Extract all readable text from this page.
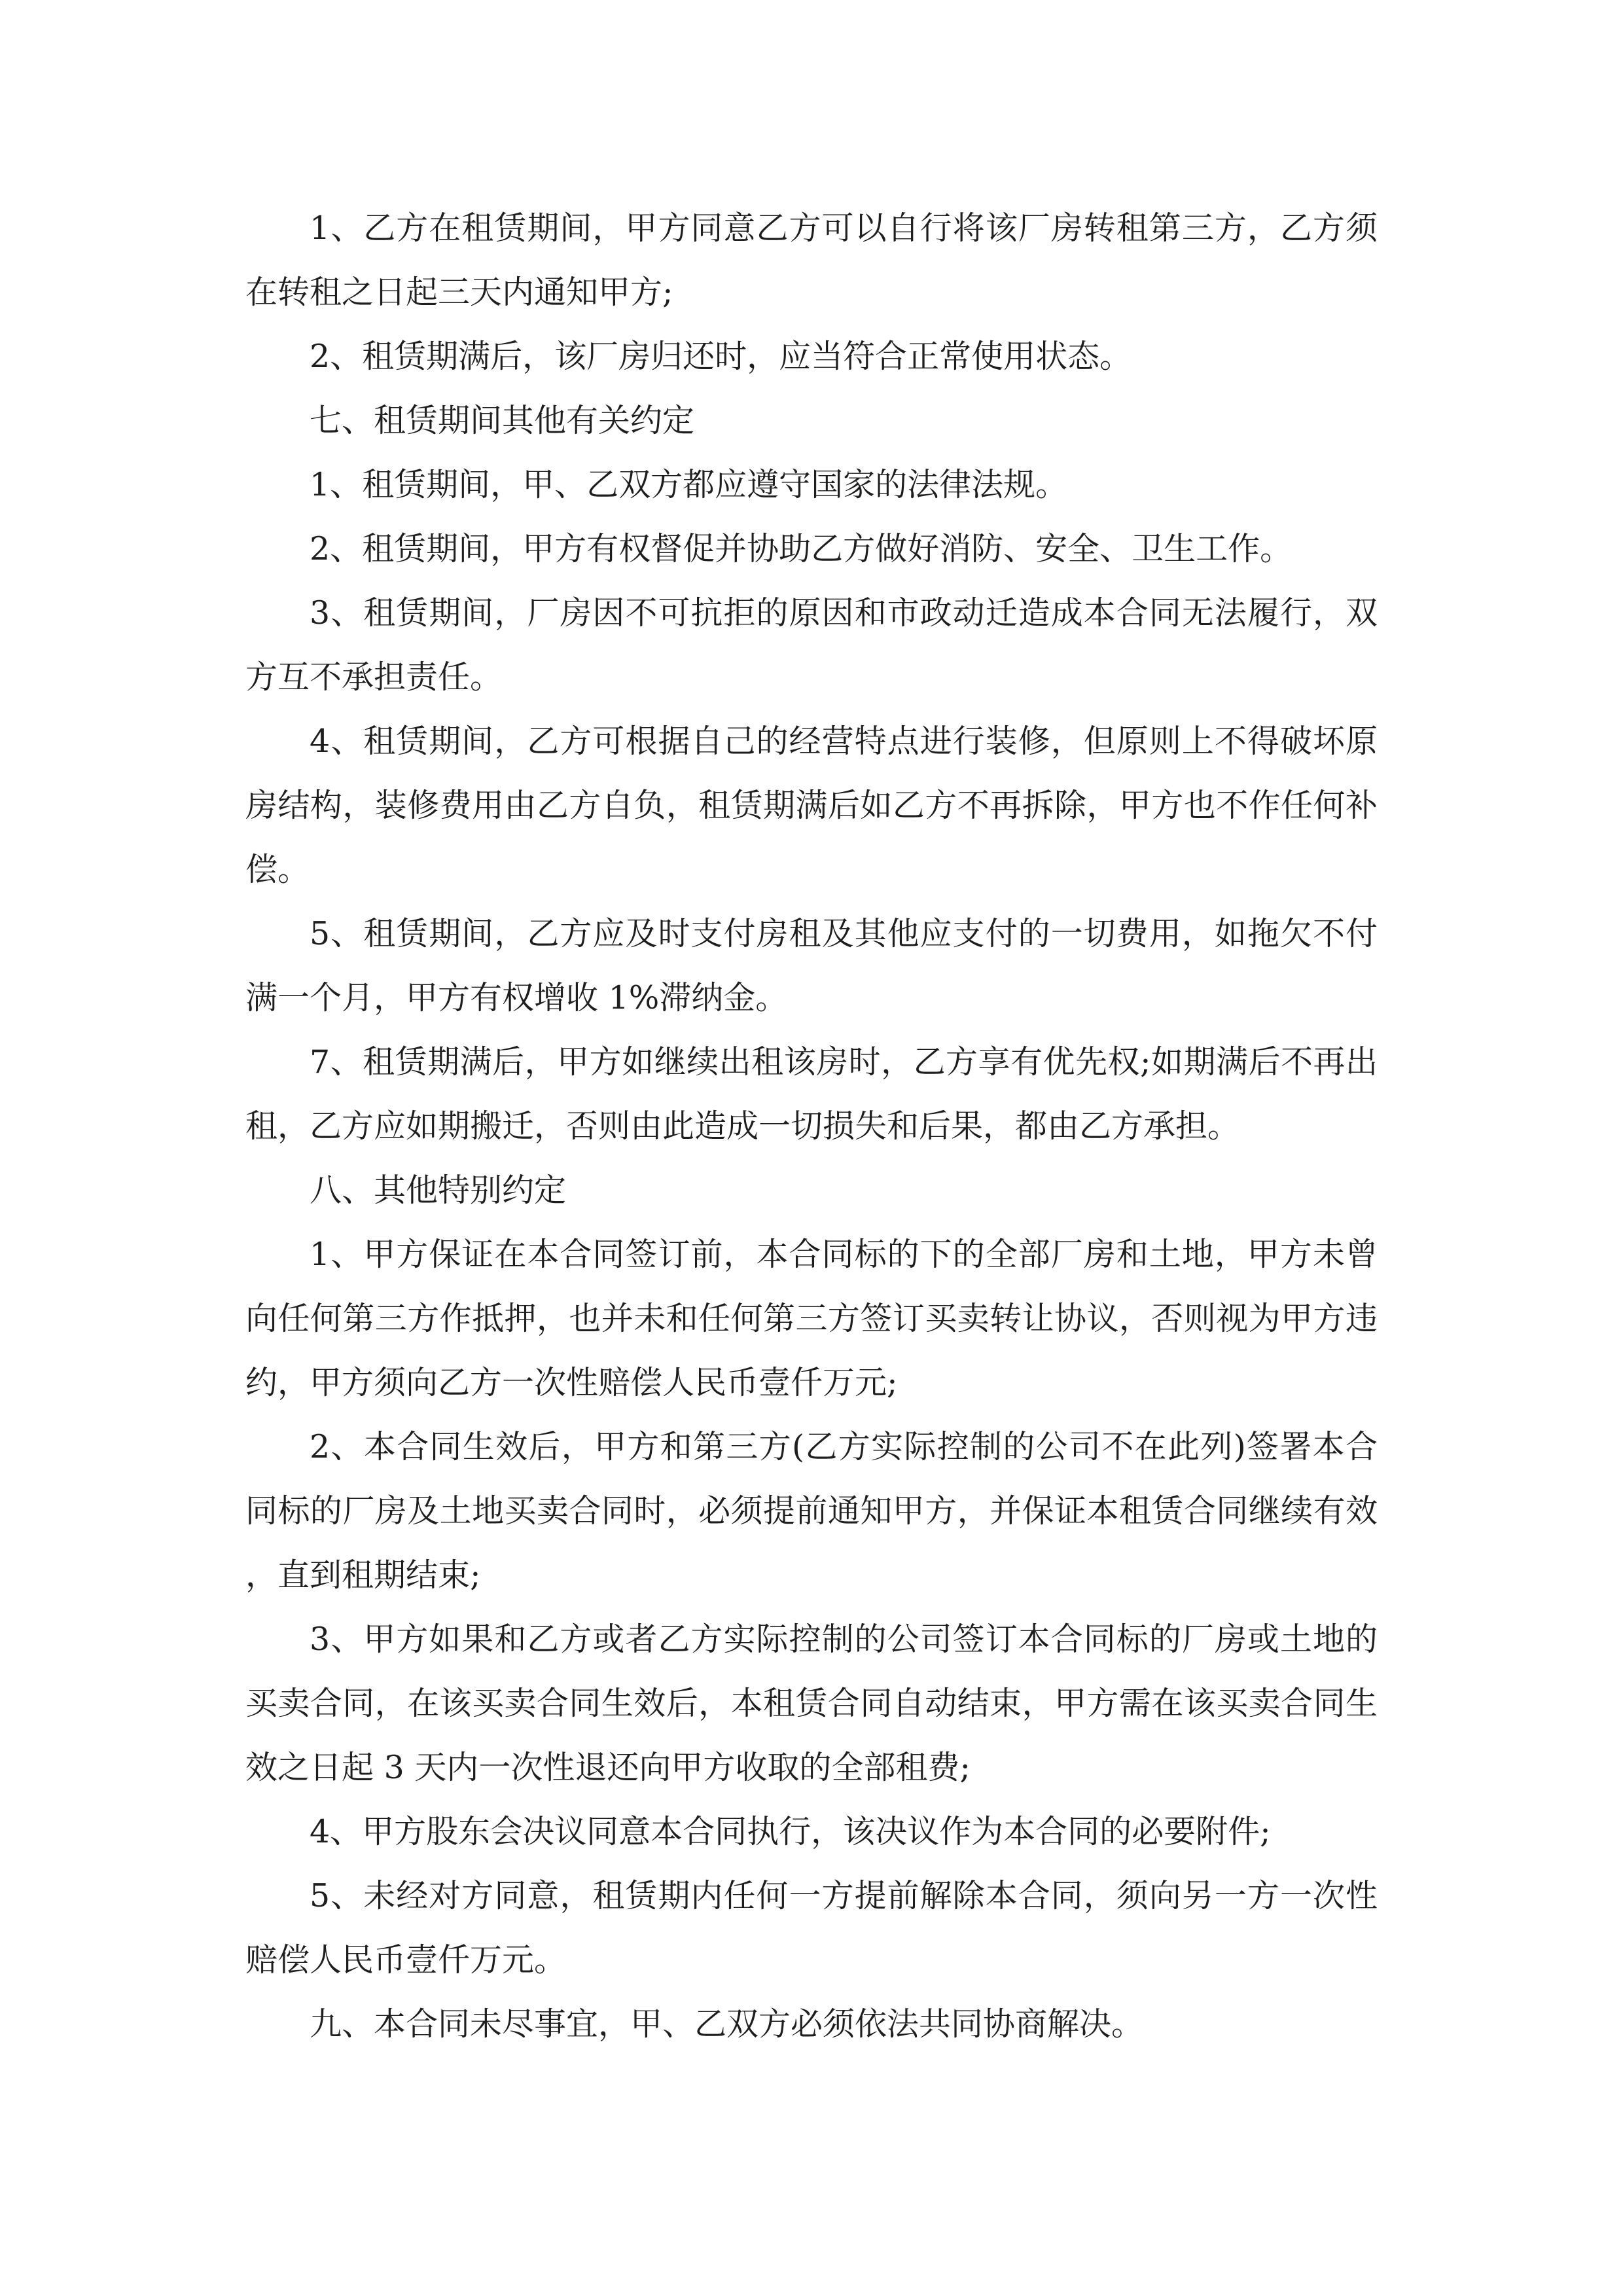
1、乙方在租赁期间，甲方同意乙方可以自行将该厂房转租第三方，乙方须在转租之日起三天内通知甲方;

2、租赁期满后，该厂房归还时，应当符合正常使用状态。

七、租赁期间其他有关约定

1、租赁期间，甲、乙双方都应遵守国家的法律法规。

2、租赁期间，甲方有权督促并协助乙方做好消防、安全、卫生工作。

3、租赁期间，厂房因不可抗拒的原因和市政动迁造成本合同无法履行，双方互不承担责任。

4、租赁期间，乙方可根据自己的经营特点进行装修，但原则上不得破坏原房结构，装修费用由乙方自负，租赁期满后如乙方不再拆除，甲方也不作任何补偿。

5、租赁期间，乙方应及时支付房租及其他应支付的一切费用，如拖欠不付满一个月，甲方有权增收 1%滞纳金。

7、租赁期满后，甲方如继续出租该房时，乙方享有优先权;如期满后不再出租，乙方应如期搬迁，否则由此造成一切损失和后果，都由乙方承担。

八、其他特别约定

1、甲方保证在本合同签订前，本合同标的下的全部厂房和土地，甲方未曾向任何第三方作抵押，也并未和任何第三方签订买卖转让协议，否则视为甲方违约，甲方须向乙方一次性赔偿人民币壹仟万元;

2、本合同生效后，甲方和第三方(乙方实际控制的公司不在此列)签署本合同标的厂房及土地买卖合同时，必须提前通知甲方，并保证本租赁合同继续有效，直到租期结束;

3、甲方如果和乙方或者乙方实际控制的公司签订本合同标的厂房或土地的买卖合同，在该买卖合同生效后，本租赁合同自动结束，甲方需在该买卖合同生效之日起 3 天内一次性退还向甲方收取的全部租费;

4、甲方股东会决议同意本合同执行，该决议作为本合同的必要附件;

5、未经对方同意，租赁期内任何一方提前解除本合同，须向另一方一次性赔偿人民币壹仟万元。

九、本合同未尽事宜，甲、乙双方必须依法共同协商解决。
